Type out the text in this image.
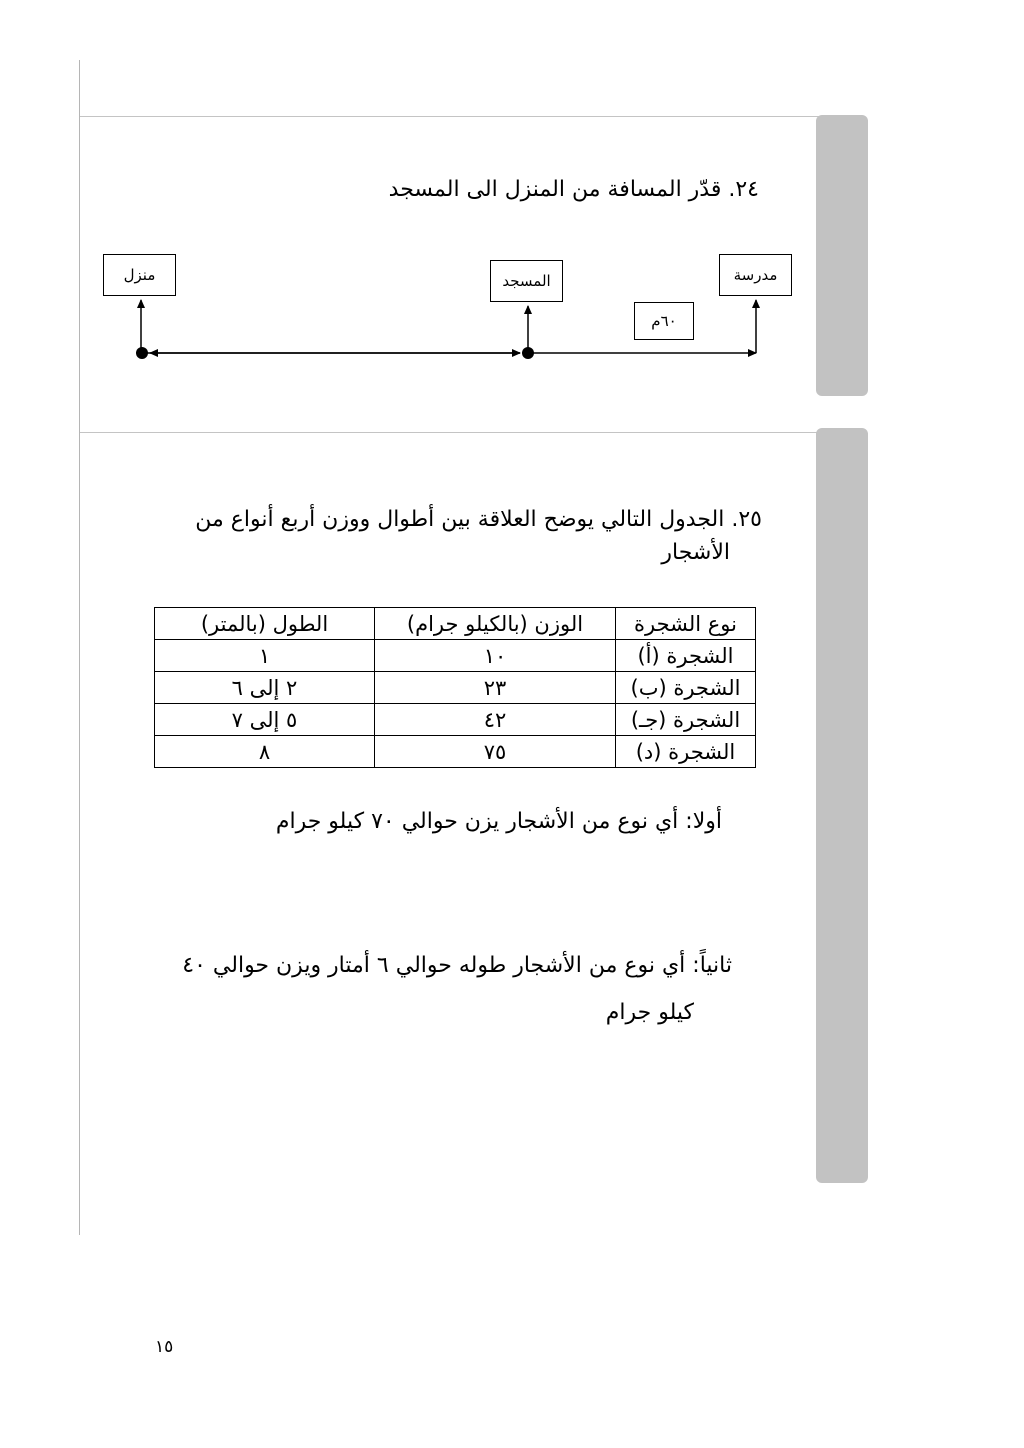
٢٤. قدّر المسافة من المنزل الى المسجد
منزل	المسجد	مدرسة
٦٠م
٢٥. الجدول التالي يوضح العلاقة بين أطوال ووزن أربع أنواع من
الأشجار
نوع الشجرة	الوزن (بالكيلو جرام)	الطول (بالمتر)
الشجرة (أ)	١٠	١
الشجرة (ب)	٢٣	٢ إلى ٦
الشجرة (جـ)	٤٢	٥ إلى ٧
الشجرة (د)	٧٥	٨
أولا: أي نوع من الأشجار يزن حوالي ٧٠ كيلو جرام
ثانياً: أي نوع من الأشجار طوله حوالي ٦ أمتار ويزن حوالي ٤٠
كيلو جرام
١٥
